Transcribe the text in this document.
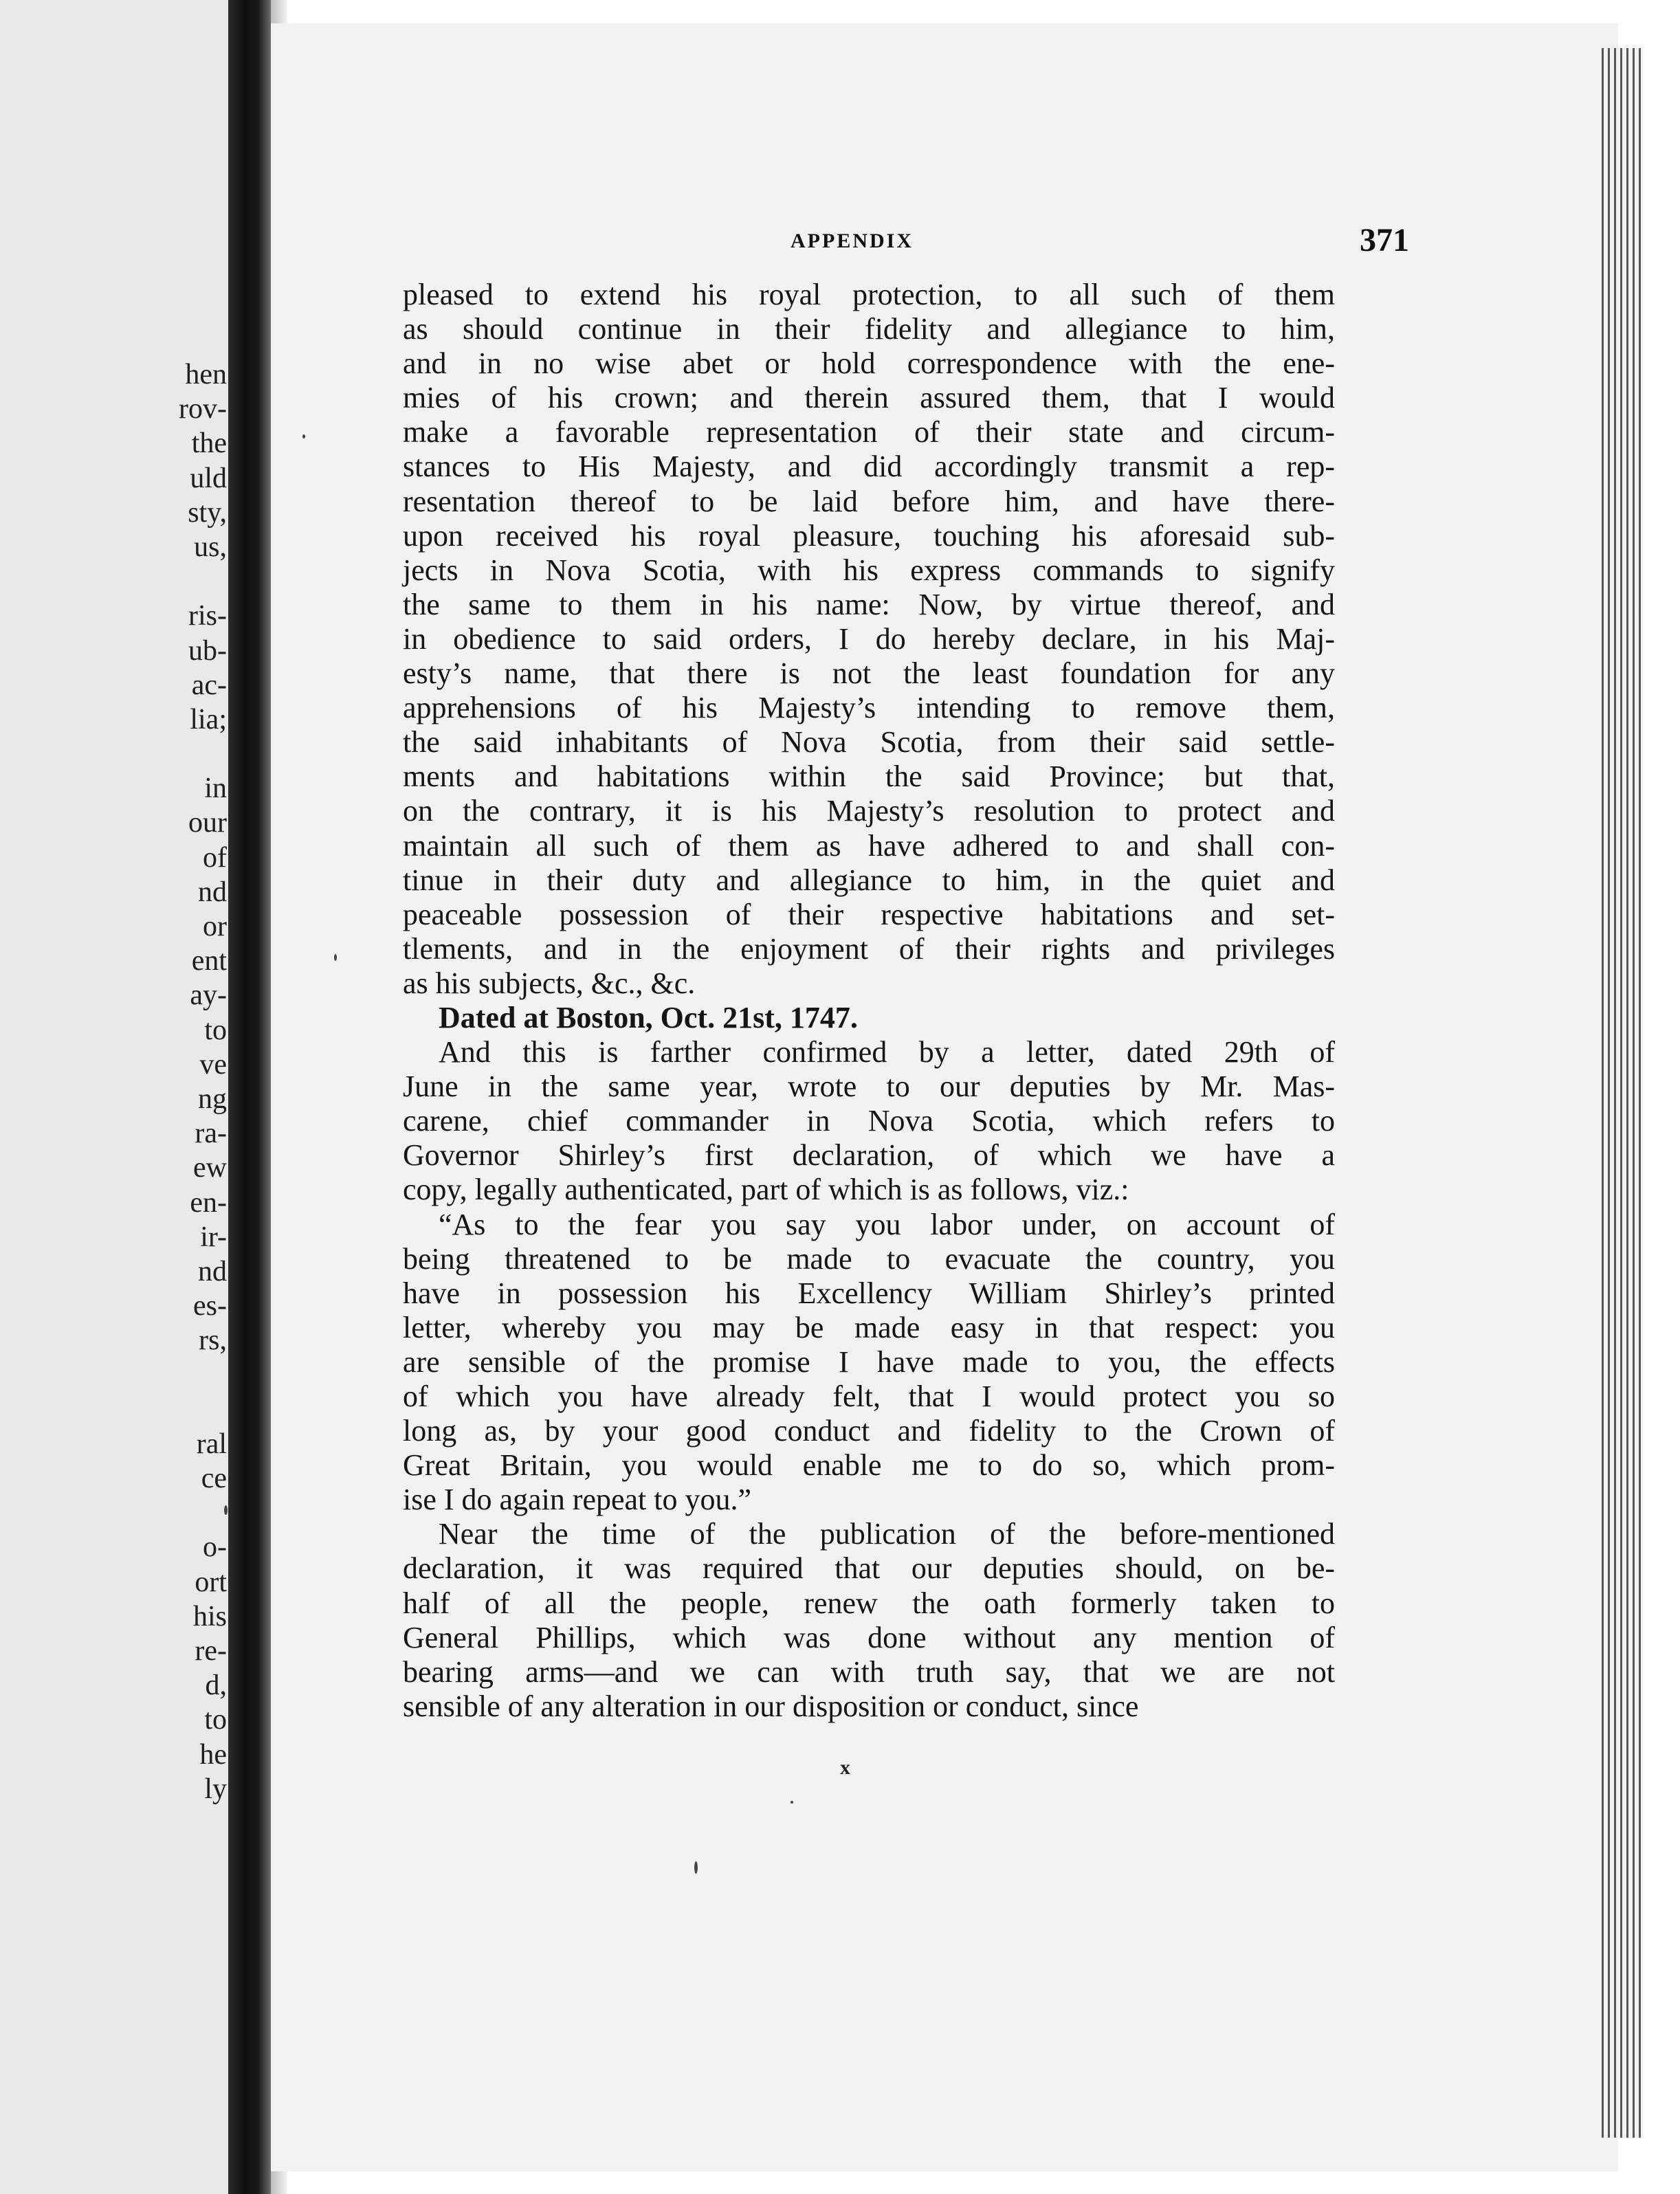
hen
rov-
the
uld
sty,
us,
ris-
ub-
ac-
lia;
in
our
of
nd
or
ent
ay-
to
ve
ng
ra-
ew
en-
ir-
nd
es-
rs,
ral
ce
o-
ort
his
re-
d,
to
he
ly
APPENDIX	371
pleased to extend his royal protection, to all such of them
as should continue in their fidelity and allegiance to him,
and in no wise abet or hold correspondence with the ene-
mies of his crown; and therein assured them, that I would
make a favorable representation of their state and circum-
stances to His Majesty, and did accordingly transmit a rep-
resentation thereof to be laid before him, and have there-
upon received his royal pleasure, touching his aforesaid sub-
jects in Nova Scotia, with his express commands to signify
the same to them in his name: Now, by virtue thereof, and
in obedience to said orders, I do hereby declare, in his Maj-
esty’s name, that there is not the least foundation for any
apprehensions of his Majesty’s intending to remove them,
the said inhabitants of Nova Scotia, from their said settle-
ments and habitations within the said Province; but that,
on the contrary, it is his Majesty’s resolution to protect and
maintain all such of them as have adhered to and shall con-
tinue in their duty and allegiance to him, in the quiet and
peaceable possession of their respective habitations and set-
tlements, and in the enjoyment of their rights and privileges
as his subjects, &c., &c.
Dated at Boston, Oct. 21st, 1747.
And this is farther confirmed by a letter, dated 29th of
June in the same year, wrote to our deputies by Mr. Mas-
carene, chief commander in Nova Scotia, which refers to
Governor Shirley’s first declaration, of which we have a
copy, legally authenticated, part of which is as follows, viz.:
“As to the fear you say you labor under, on account of
being threatened to be made to evacuate the country, you
have in possession his Excellency William Shirley’s printed
letter, whereby you may be made easy in that respect: you
are sensible of the promise I have made to you, the effects
of which you have already felt, that I would protect you so
long as, by your good conduct and fidelity to the Crown of
Great Britain, you would enable me to do so, which prom-
ise I do again repeat to you.”
Near the time of the publication of the before-mentioned
declaration, it was required that our deputies should, on be-
half of all the people, renew the oath formerly taken to
General Phillips, which was done without any mention of
bearing arms—and we can with truth say, that we are not
sensible of any alteration in our disposition or conduct, since
x
